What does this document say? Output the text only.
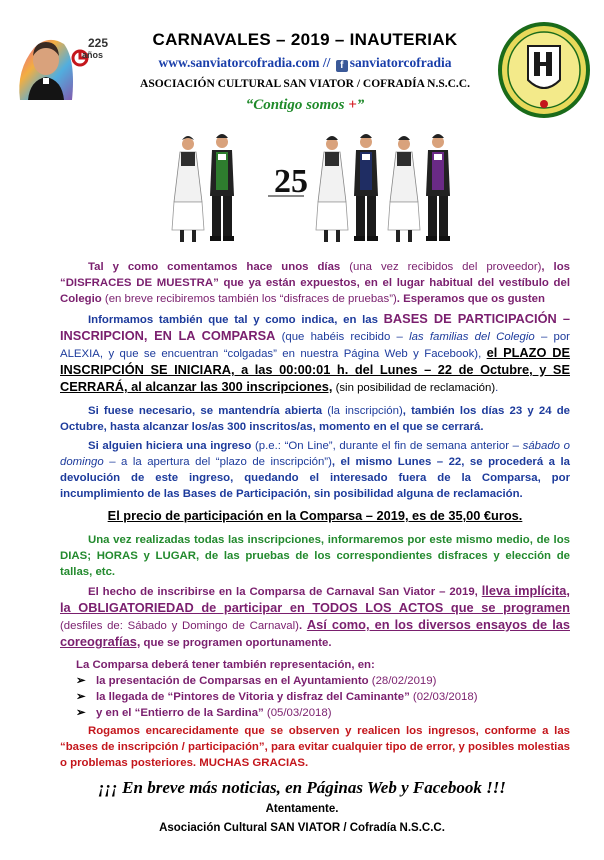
225
años
CARNAVALES – 2019 – INAUTERIAK
www.sanviatorcofradia.com // f sanviatorcofradia
ASOCIACIÓN CULTURAL SAN VIATOR / COFRADÍA N.S.C.C.
“Contigo somos +”
25

Tal y como comentamos hace unos días (una vez recibidos del proveedor), los “DISFRACES DE MUESTRA” que ya están expuestos, en el lugar habitual del vestíbulo del Colegio (en breve recibiremos también los “disfraces de pruebas”). Esperamos que os gusten

Informamos también que tal y como indica, en las BASES DE PARTICIPACIÓN – INSCRIPCION, EN LA COMPARSA (que habéis recibido – las familias del Colegio – por ALEXIA, y que se encuentran “colgadas” en nuestra Página Web y Facebook), el PLAZO DE INSCRIPCIÓN SE INICIARA, a las 00:00:01 h. del Lunes – 22 de Octubre, y SE CERRARÁ, al alcanzar las 300 inscripciones, (sin posibilidad de reclamación).

Si fuese necesario, se mantendría abierta (la inscripción), también los días 23 y 24 de Octubre, hasta alcanzar los/as 300 inscritos/as, momento en el que se cerrará.

Si alguien hiciera una ingreso (p.e.: “On Line”, durante el fin de semana anterior – sábado o domingo – a la apertura del “plazo de inscripción”), el mismo Lunes – 22, se procederá a la devolución de este ingreso, quedando el interesado fuera de la Comparsa, por incumplimiento de las Bases de Participación, sin posibilidad alguna de reclamación.

El precio de participación en la Comparsa – 2019, es de 35,00 €uros.

Una vez realizadas todas las inscripciones, informaremos por este mismo medio, de los DIAS; HORAS y LUGAR, de las pruebas de los correspondientes disfraces y elección de tallas, etc.

El hecho de inscribirse en la Comparsa de Carnaval San Viator – 2019, lleva implícita, la OBLIGATORIEDAD de participar en TODOS LOS ACTOS que se programen (desfiles de: Sábado y Domingo de Carnaval). Así como, en los diversos ensayos de las coreografías, que se programen oportunamente.

La Comparsa deberá tener también representación, en:
➢ la presentación de Comparsas en el Ayuntamiento (28/02/2019)
➢ la llegada de “Pintores de Vitoria y disfraz del Caminante” (02/03/2018)
➢ y en el “Entierro de la Sardina” (05/03/2018)

Rogamos encarecidamente que se observen y realicen los ingresos, conforme a las “bases de inscripción / participación”, para evitar cualquier tipo de error, y posibles molestias o problemas posteriores. MUCHAS GRACIAS.

¡¡¡ En breve más noticias, en Páginas Web y Facebook !!!
Atentamente.
Asociación Cultural SAN VIATOR / Cofradía N.S.C.C.
